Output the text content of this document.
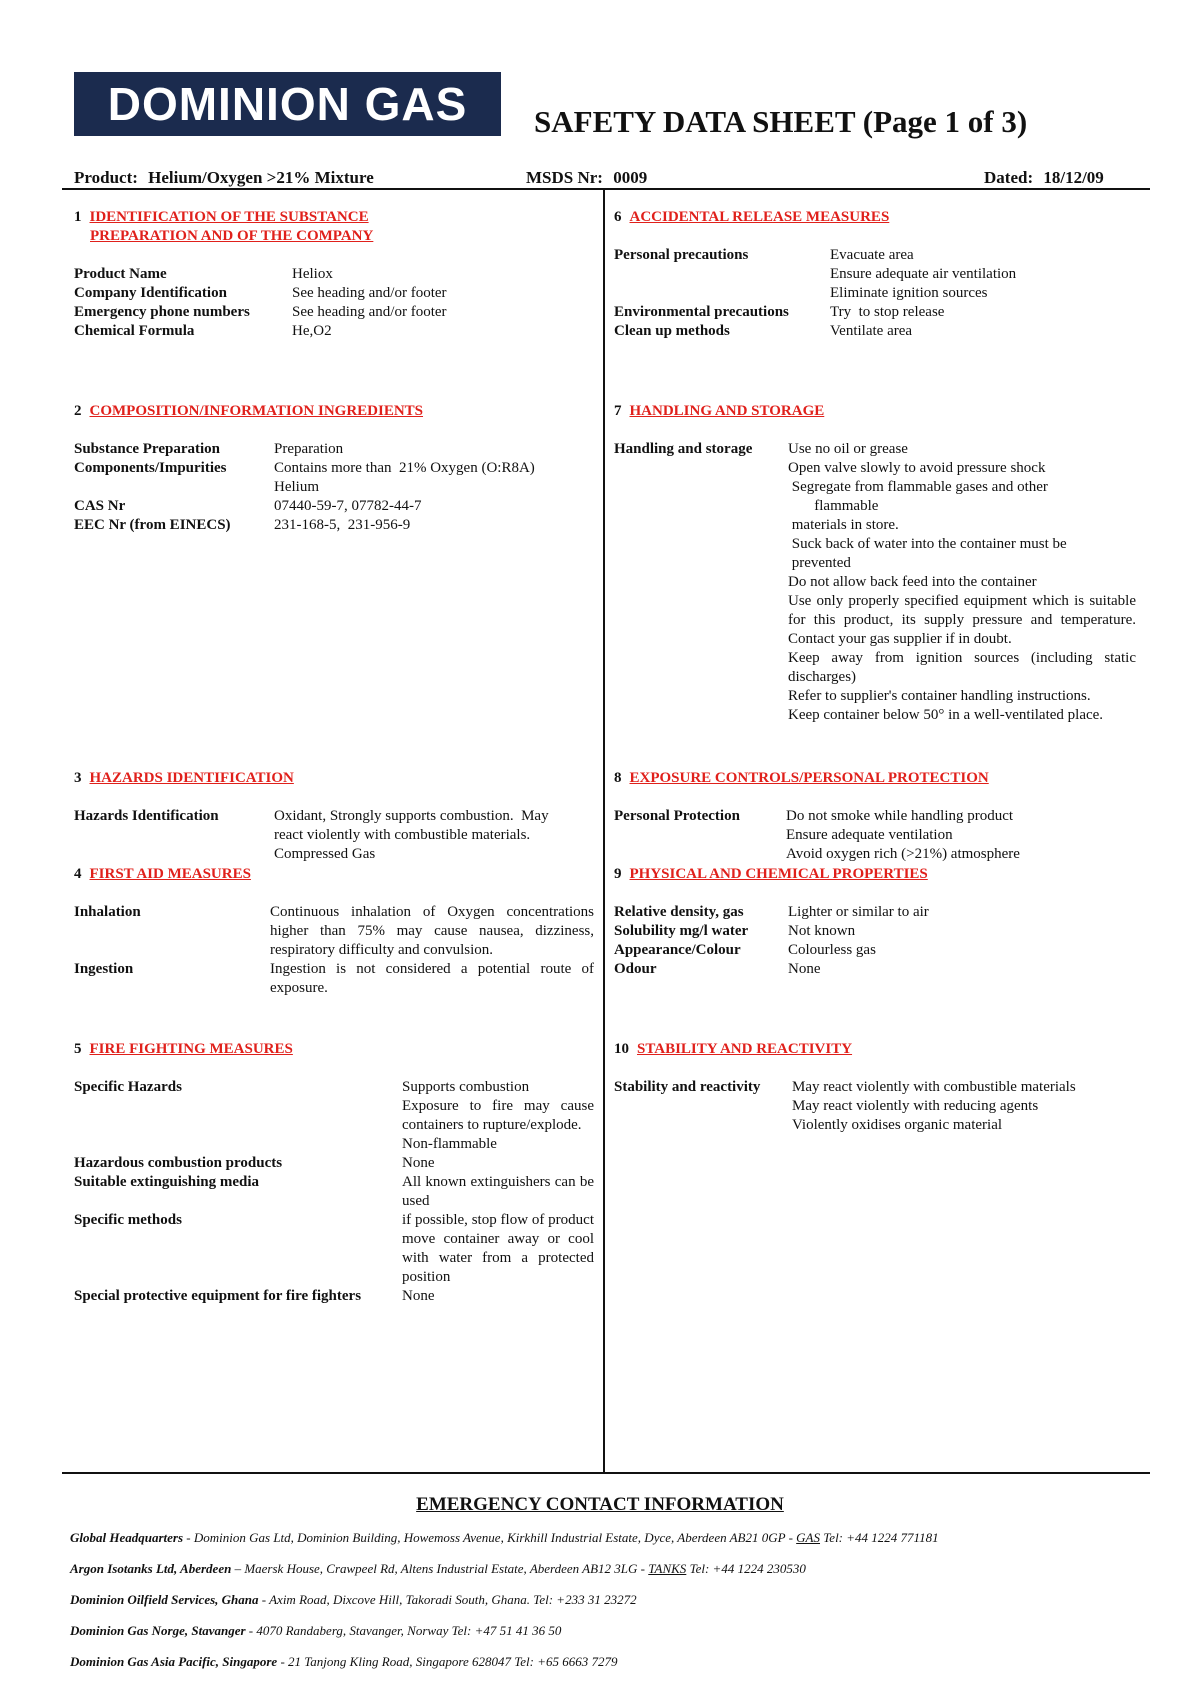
DOMINION GAS	SAFETY DATA SHEET (Page 1 of 3)
Product: Helium/Oxygen >21% Mixture	MSDS Nr: 0009	Dated: 18/12/09
1 IDENTIFICATION OF THE SUBSTANCE
PREPARATION AND OF THE COMPANY
Product Name	Heliox
Company Identification	See heading and/or footer
Emergency phone numbers	See heading and/or footer
Chemical Formula	He,O2
2 COMPOSITION/INFORMATION INGREDIENTS
Substance Preparation	Preparation
Components/Impurities	Contains more than  21% Oxygen (O:R8A)
Helium
CAS Nr	07440-59-7, 07782-44-7
EEC Nr (from EINECS)	231-168-5,  231-956-9
3 HAZARDS IDENTIFICATION
Hazards Identification	Oxidant, Strongly supports combustion.  May
react violently with combustible materials.
Compressed Gas
4 FIRST AID MEASURES
Inhalation	Continuous inhalation of Oxygen concentrations higher than 75% may cause nausea, dizziness, respiratory difficulty and convulsion.
Ingestion	Ingestion is not considered a potential route of exposure.
5 FIRE FIGHTING MEASURES
Specific Hazards	Supports combustion
Exposure to fire may cause containers to rupture/explode.
Non-flammable
Hazardous combustion products	None
Suitable extinguishing media	All known extinguishers can be used
Specific methods	if possible, stop flow of product move container away or cool with water from a protected position
Special protective equipment for fire fighters	None
6 ACCIDENTAL RELEASE MEASURES
Personal precautions	Evacuate area
Ensure adequate air ventilation
Eliminate ignition sources
Environmental precautions	Try  to stop release
Clean up methods	Ventilate area
7 HANDLING AND STORAGE
Handling and storage	Use no oil or grease
Open valve slowly to avoid pressure shock
Segregate from flammable gases and other
flammable
materials in store.
Suck back of water into the container must be
prevented
Do not allow back feed into the container
Use only properly specified equipment which is suitable for this product, its supply pressure and temperature. Contact your gas supplier if in doubt.
Keep away from ignition sources (including static discharges)
Refer to supplier's container handling instructions.
Keep container below 50° in a well-ventilated place.
8 EXPOSURE CONTROLS/PERSONAL PROTECTION
Personal Protection	Do not smoke while handling product
Ensure adequate ventilation
Avoid oxygen rich (>21%) atmosphere
9 PHYSICAL AND CHEMICAL PROPERTIES
Relative density, gas	Lighter or similar to air
Solubility mg/l water	Not known
Appearance/Colour	Colourless gas
Odour	None
10 STABILITY AND REACTIVITY
Stability and reactivity	May react violently with combustible materials
May react violently with reducing agents
Violently oxidises organic material
EMERGENCY CONTACT INFORMATION
Global Headquarters - Dominion Gas Ltd, Dominion Building, Howemoss Avenue, Kirkhill Industrial Estate, Dyce, Aberdeen AB21 0GP - GAS Tel: +44 1224 771181
Argon Isotanks Ltd, Aberdeen – Maersk House, Crawpeel Rd, Altens Industrial Estate, Aberdeen AB12 3LG - TANKS Tel: +44 1224 230530
Dominion Oilfield Services, Ghana - Axim Road, Dixcove Hill, Takoradi South, Ghana. Tel: +233 31 23272
Dominion Gas Norge, Stavanger - 4070 Randaberg, Stavanger, Norway Tel: +47 51 41 36 50
Dominion Gas Asia Pacific, Singapore - 21 Tanjong Kling Road, Singapore 628047 Tel: +65 6663 7279
